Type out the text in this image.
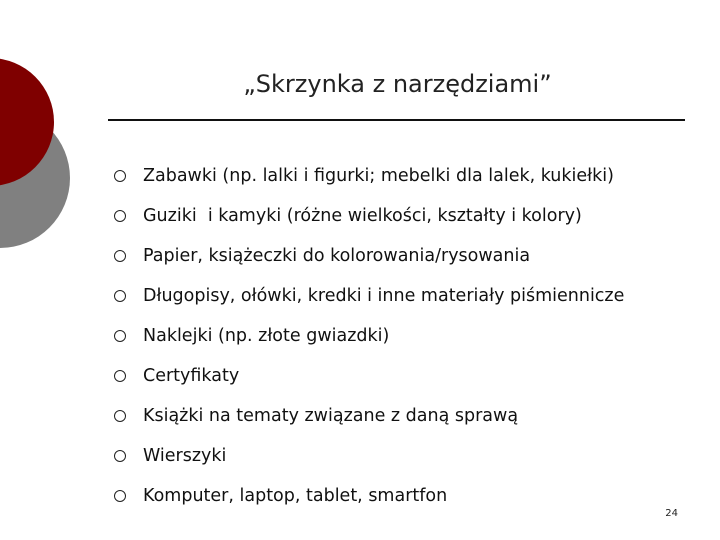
„Skrzynka z narzędziami”
Zabawki (np. lalki i figurki; mebelki dla lalek, kukiełki)
Guziki  i kamyki (różne wielkości, kształty i kolory)
Papier, książeczki do kolorowania/rysowania
Długopisy, ołówki, kredki i inne materiały piśmiennicze
Naklejki (np. złote gwiazdki)
Certyfikaty
Książki na tematy związane z daną sprawą
Wierszyki
Komputer, laptop, tablet, smartfon
24
